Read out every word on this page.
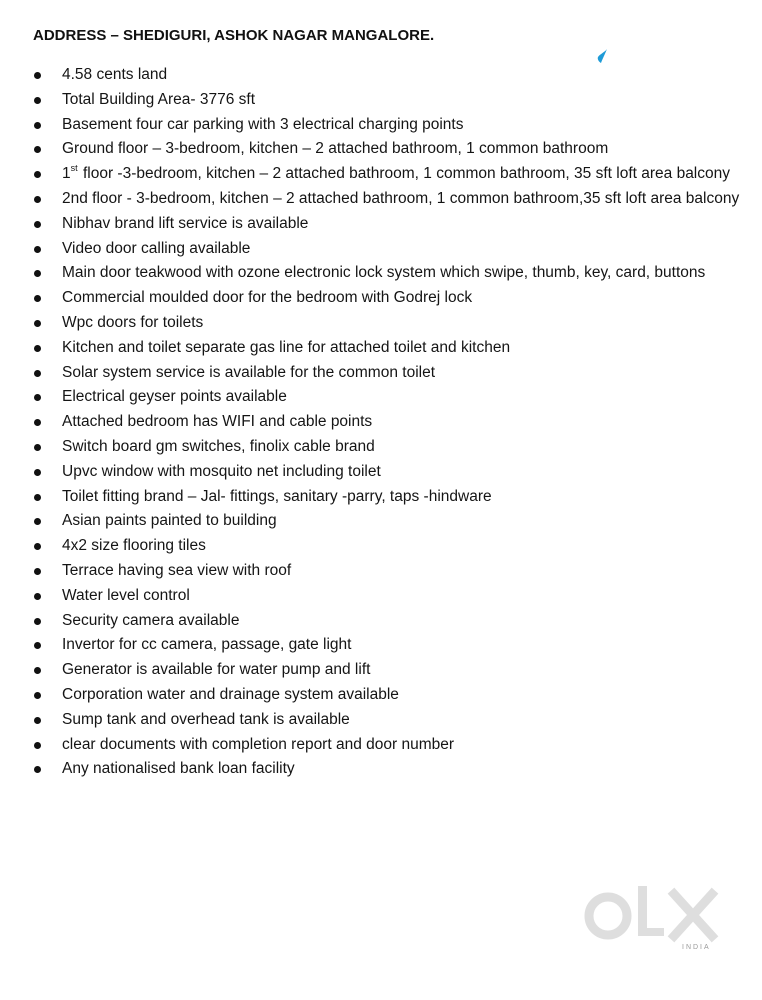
ADDRESS – SHEDIGURI, ASHOK NAGAR MANGALORE.
4.58 cents land
Total Building Area- 3776 sft
Basement four car parking with 3 electrical charging points
Ground floor – 3-bedroom, kitchen – 2 attached bathroom, 1 common bathroom
1st floor -3-bedroom, kitchen – 2 attached bathroom, 1 common bathroom, 35 sft loft area balcony
2nd floor - 3-bedroom, kitchen – 2 attached bathroom, 1 common bathroom,35 sft loft area balcony
Nibhav brand lift service is available
Video door calling available
Main door teakwood with ozone electronic lock system which swipe, thumb, key, card, buttons
Commercial moulded door for the bedroom with Godrej lock
Wpc doors for toilets
Kitchen and toilet separate gas line for attached toilet and kitchen
Solar system service is available for the common toilet
Electrical geyser points available
Attached bedroom has WIFI and cable points
Switch board gm switches, finolix cable brand
Upvc window with mosquito net including toilet
Toilet fitting brand – Jal- fittings, sanitary -parry, taps -hindware
Asian paints painted to building
4x2 size flooring tiles
Terrace having sea view with roof
Water level control
Security camera available
Invertor for cc camera, passage, gate light
Generator is available for water pump and lift
Corporation water and drainage system available
Sump tank and overhead tank is available
clear documents with completion report and door number
Any nationalised bank loan facility
INDIA
